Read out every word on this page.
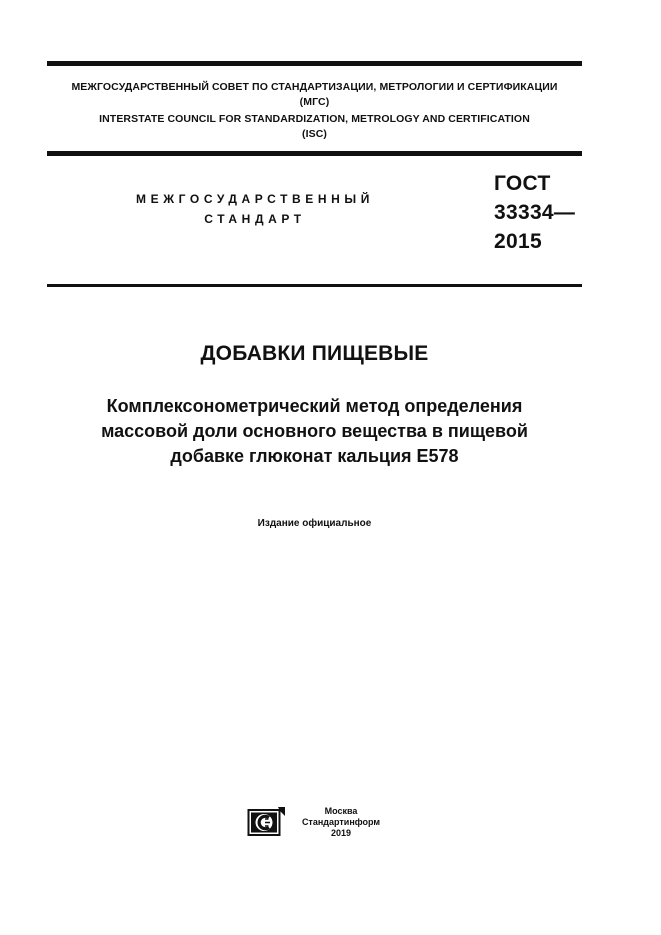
МЕЖГОСУДАРСТВЕННЫЙ СОВЕТ ПО СТАНДАРТИЗАЦИИ, МЕТРОЛОГИИ И СЕРТИФИКАЦИИ
(МГС)
INTERSTATE COUNCIL FOR STANDARDIZATION, METROLOGY AND CERTIFICATION
(ISC)
МЕЖГОСУДАРСТВЕННЫЙ
СТАНДАРТ
ГОСТ
33334—
2015
ДОБАВКИ ПИЩЕВЫЕ
Комплексонометрический метод определения
массовой доли основного вещества в пищевой
добавке глюконат кальция Е578
Издание официальное
Москва
Стандартинформ
2019
